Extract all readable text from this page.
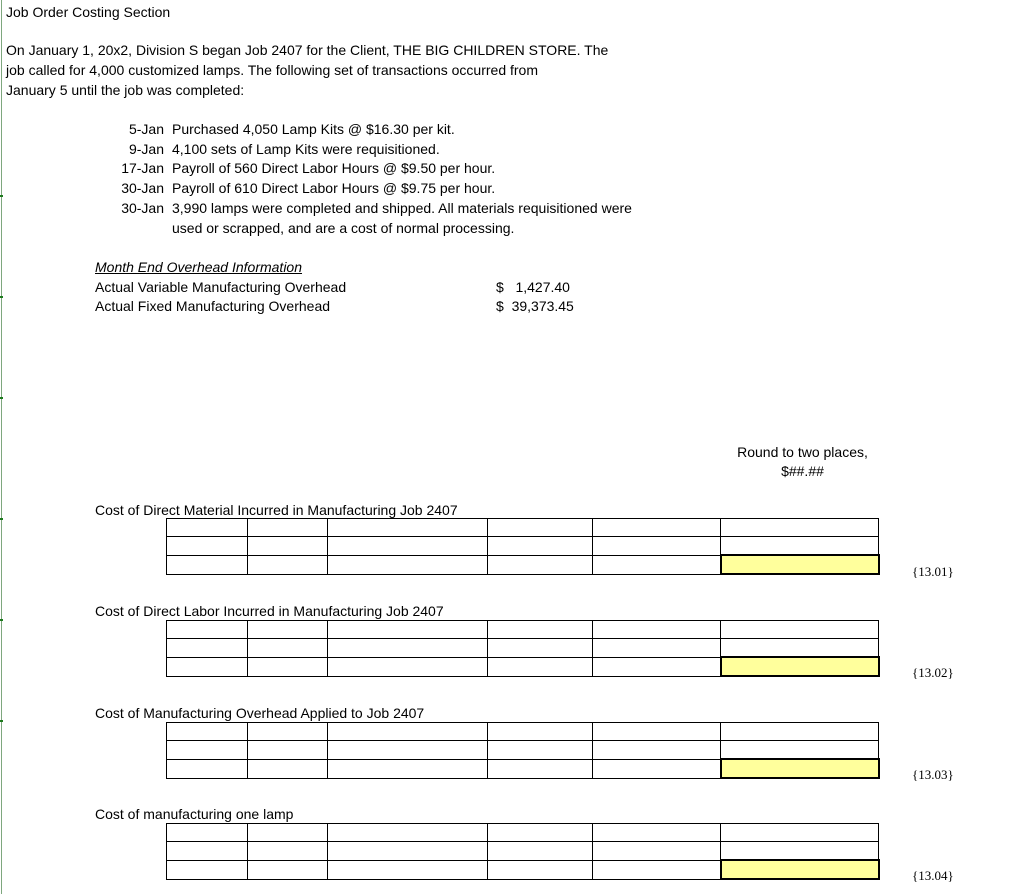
Job Order Costing Section
On January 1, 20x2, Division S began Job 2407 for the Client, THE BIG CHILDREN STORE. The
job called for 4,000 customized lamps. The following set of transactions occurred from
January 5 until the job was completed:
5-Jan Purchased 4,050 Lamp Kits @ $16.30 per kit.
9-Jan 4,100 sets of Lamp Kits were requisitioned.
17-Jan Payroll of 560 Direct Labor Hours @ $9.50 per hour.
30-Jan Payroll of 610 Direct Labor Hours @ $9.75 per hour.
30-Jan 3,990 lamps were completed and shipped. All materials requisitioned were
used or scrapped, and are a cost of normal processing.
Month End Overhead Information
Actual Variable Manufacturing Overhead	$   1,427.40
Actual Fixed Manufacturing Overhead	$  39,373.45
Round to two places, $##.##
Cost of Direct Material Incurred in Manufacturing Job 2407

{13.01}
Cost of Direct Labor Incurred in Manufacturing Job 2407

{13.02}
Cost of Manufacturing Overhead Applied to Job 2407

{13.03}
Cost of manufacturing one lamp

{13.04}
